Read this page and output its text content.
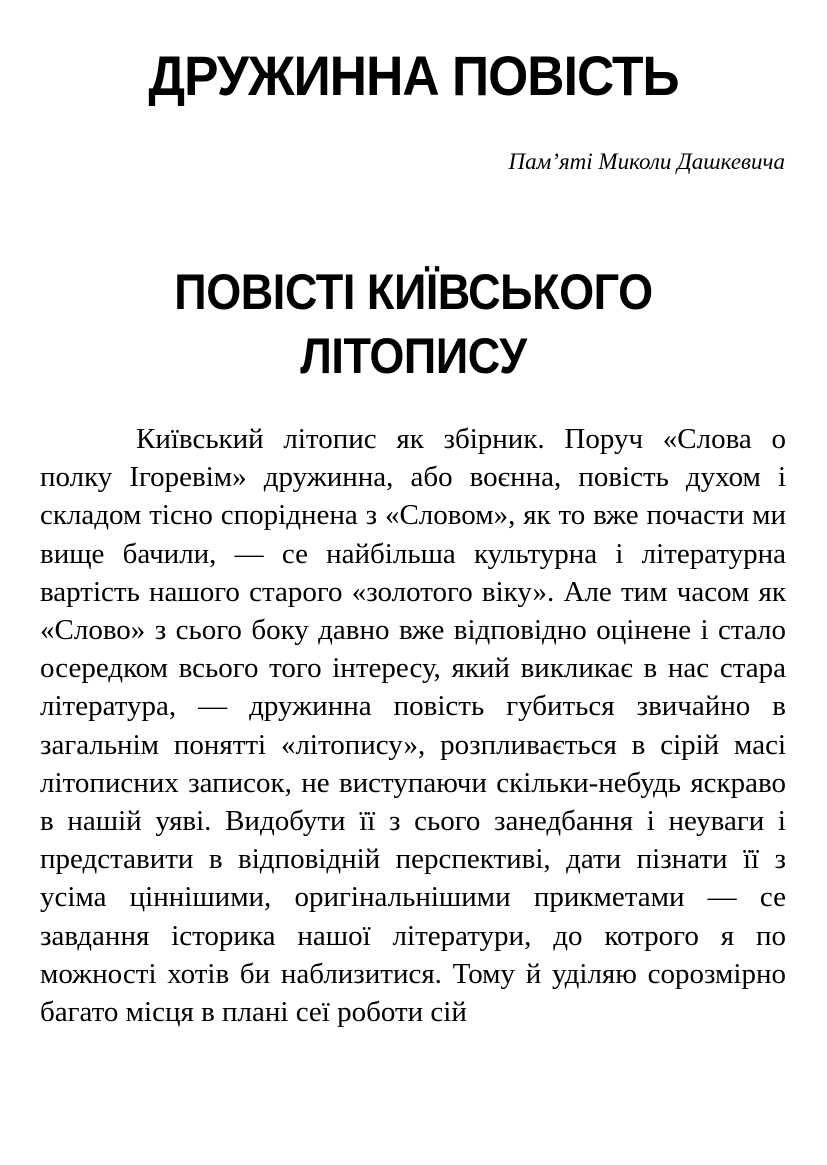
ДРУЖИННА ПОВІСТЬ

Пам’яті Миколи Дашкевича

ПОВІСТІ КИЇВСЬКОГО
ЛІТОПИСУ

Київський літопис як збірник. Поруч «Слова о полку Ігоревім» дружинна, або воєнна, повість духом і складом тісно споріднена з «Словом», як то вже почасти ми вище бачили, — се найбільша культурна і літературна вартість нашого старого «золотого віку». Але тим часом як «Слово» з сього боку давно вже відповідно оцінене і стало осередком всього того інтересу, який викликає в нас стара література, — дружинна повість губиться звичайно в загальнім понятті «літопису», розпливається в сірій масі літописних записок, не виступаючи скільки-небудь яскраво в нашій уяві. Видобути її з сього занедбання і неуваги і представити в відповідній перспективі, дати пізнати її з усіма ціннішими, оригінальнішими прикметами — се завдання історика нашої літератури, до котрого я по можності хотів би наблизитися. Тому й уділяю сорозмірно багато місця в плані сеї роботи сій
